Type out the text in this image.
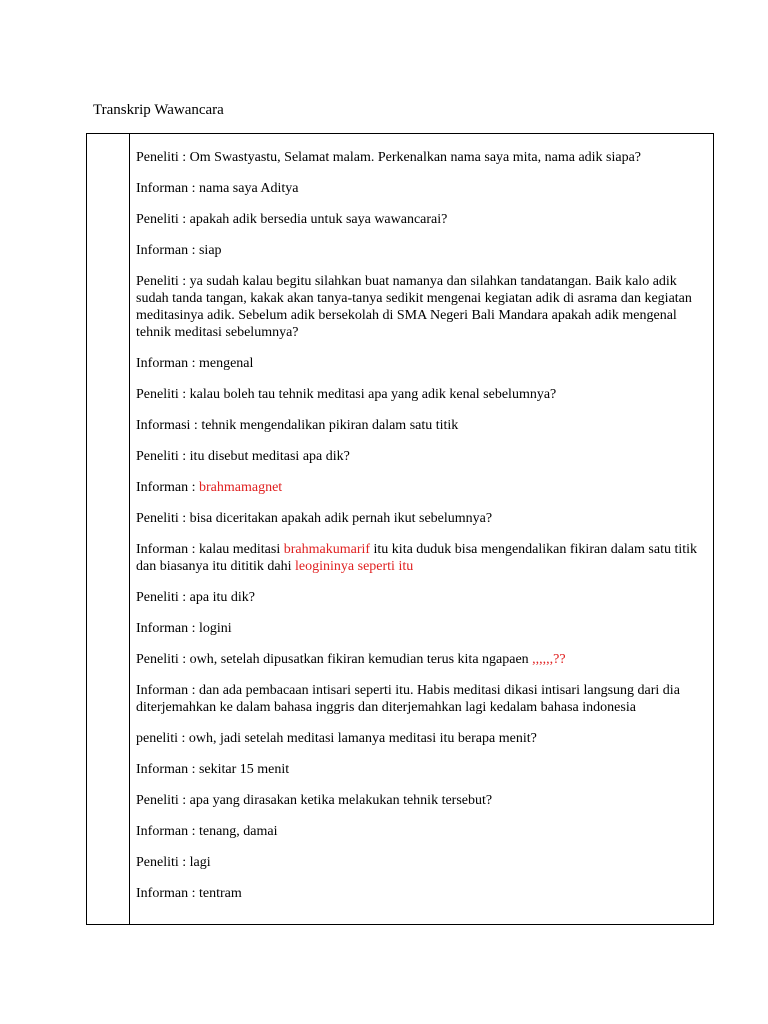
Transkrip Wawancara

Peneliti : Om Swastyastu, Selamat malam. Perkenalkan nama saya mita, nama adik siapa?

Informan : nama saya Aditya

Peneliti : apakah adik bersedia untuk saya wawancarai?

Informan : siap

Peneliti : ya sudah kalau begitu silahkan buat namanya dan silahkan tandatangan. Baik kalo adik sudah tanda tangan, kakak akan tanya-tanya sedikit mengenai kegiatan adik di asrama dan kegiatan meditasinya adik. Sebelum adik bersekolah di SMA Negeri Bali Mandara apakah adik mengenal tehnik meditasi sebelumnya?

Informan : mengenal

Peneliti : kalau boleh tau tehnik meditasi apa yang adik kenal sebelumnya?

Informasi : tehnik mengendalikan pikiran dalam satu titik

Peneliti : itu disebut meditasi apa dik?

Informan : brahmamagnet

Peneliti : bisa diceritakan apakah adik pernah ikut sebelumnya?

Informan : kalau meditasi brahmakumarif itu kita duduk bisa mengendalikan fikiran dalam satu titik dan biasanya itu dititik dahi leogininya seperti itu

Peneliti : apa itu dik?

Informan : logini

Peneliti : owh, setelah dipusatkan fikiran kemudian terus kita ngapaen ,,,,,,??

Informan : dan ada pembacaan intisari seperti itu. Habis meditasi dikasi intisari langsung dari dia diterjemahkan ke dalam bahasa inggris dan diterjemahkan lagi kedalam bahasa indonesia

peneliti : owh, jadi setelah meditasi lamanya meditasi itu berapa menit?

Informan : sekitar 15 menit

Peneliti : apa yang dirasakan ketika melakukan tehnik tersebut?

Informan : tenang, damai

Peneliti : lagi

Informan : tentram
